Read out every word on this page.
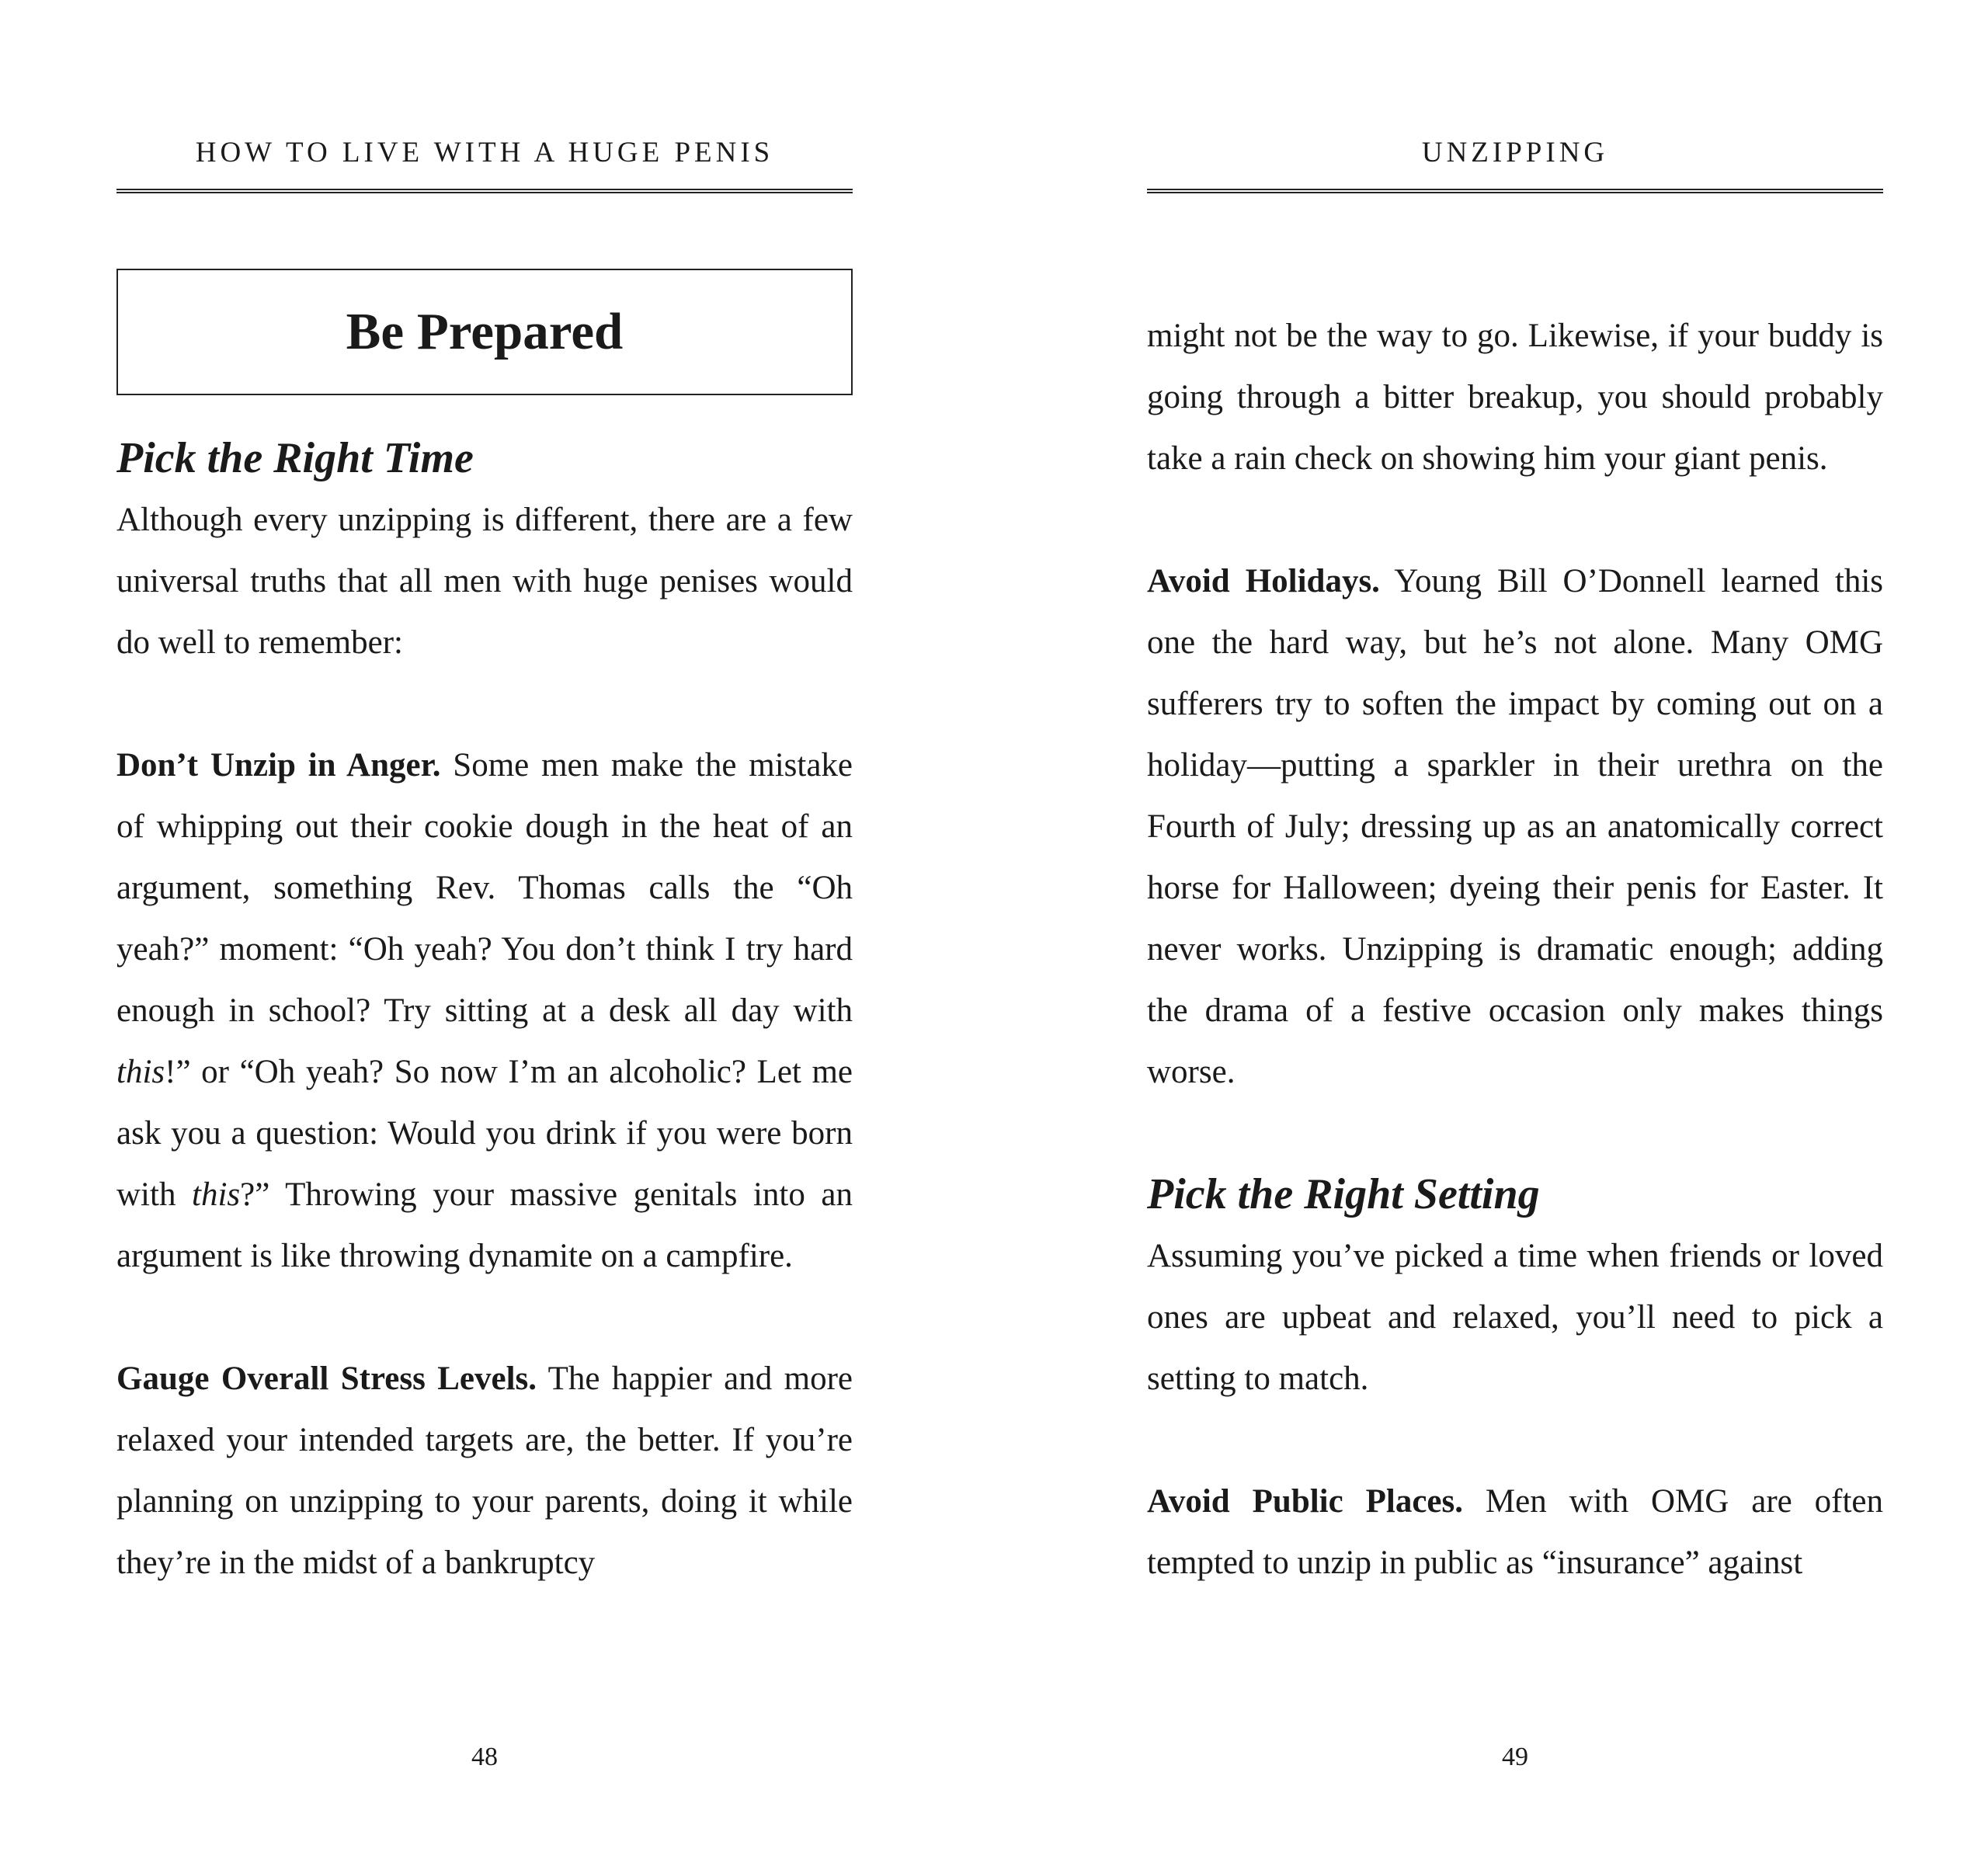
HOW TO LIVE WITH A HUGE PENIS
Be Prepared

Pick the Right Time

Although every unzipping is different, there are a few universal truths that all men with huge penises would do well to remember:

Don’t Unzip in Anger. Some men make the mistake of whipping out their cookie dough in the heat of an argument, something Rev. Thomas calls the “Oh yeah?” moment: “Oh yeah? You don’t think I try hard enough in school? Try sitting at a desk all day with this!” or “Oh yeah? So now I’m an alcoholic? Let me ask you a question: Would you drink if you were born with this?” Throwing your massive genitals into an argument is like throwing dynamite on a campfire.

Gauge Overall Stress Levels. The happier and more relaxed your intended targets are, the better. If you’re planning on unzipping to your parents, doing it while they’re in the midst of a bankruptcy

48
UNZIPPING

might not be the way to go. Likewise, if your buddy is going through a bitter breakup, you should probably take a rain check on showing him your giant penis.

Avoid Holidays. Young Bill O’Donnell learned this one the hard way, but he’s not alone. Many OMG sufferers try to soften the impact by coming out on a holiday—putting a sparkler in their urethra on the Fourth of July; dressing up as an anatomically correct horse for Halloween; dyeing their penis for Easter. It never works. Unzipping is dramatic enough; adding the drama of a festive occasion only makes things worse.

Pick the Right Setting

Assuming you’ve picked a time when friends or loved ones are upbeat and relaxed, you’ll need to pick a setting to match.

Avoid Public Places. Men with OMG are often tempted to unzip in public as “insurance” against

49
